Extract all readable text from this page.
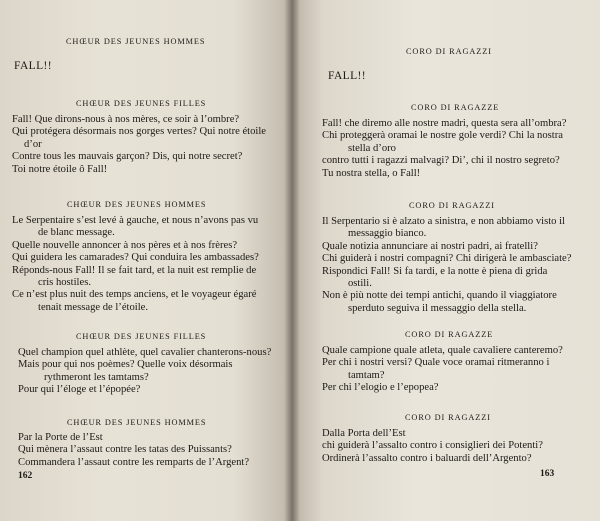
CHŒUR DES JEUNES HOMMES
FALL!!
CHŒUR DES JEUNES FILLES
Fall! Que dirons-nous à nos mères, ce soir à l’ombre?
Qui protégera désormais nos gorges vertes? Qui notre étoile
d’or
Contre tous les mauvais garçon? Dis, qui notre secret?
Toi notre étoile ô Fall!
CHŒUR DES JEUNES HOMMES
Le Serpentaire s’est levé à gauche, et nous n’avons pas vu
de blanc message.
Quelle nouvelle annoncer à nos pères et à nos frères?
Qui guidera les camarades? Qui conduira les ambassades?
Réponds-nous Fall! Il se fait tard, et la nuit est remplie de
cris hostiles.
Ce n’est plus nuit des temps anciens, et le voyageur égaré
tenait message de l’étoile.
CHŒUR DES JEUNES FILLES
Quel champion quel athlète, quel cavalier chanterons-nous?
Mais pour qui nos poèmes? Quelle voix désormais
rythmeront les tamtams?
Pour qui l’éloge et l’épopée?
CHŒUR DES JEUNES HOMMES
Par la Porte de l’Est
Qui mènera l’assaut contre les tatas des Puissants?
Commandera l’assaut contre les remparts de l’Argent?
162
CORO DI RAGAZZI
FALL!!
CORO DI RAGAZZE
Fall! che diremo alle nostre madri, questa sera all’ombra?
Chi proteggerà oramai le nostre gole verdi? Chi la nostra
stella d’oro
contro tutti i ragazzi malvagi? Di’, chi il nostro segreto?
Tu nostra stella, o Fall!
CORO DI RAGAZZI
Il Serpentario si è alzato a sinistra, e non abbiamo visto il
messaggio bianco.
Quale notizia annunciare ai nostri padri, ai fratelli?
Chi guiderà i nostri compagni? Chi dirigerà le ambasciate?
Rispondici Fall! Si fa tardi, e la notte è piena di grida
ostili.
Non è più notte dei tempi antichi, quando il viaggiatore
sperduto seguiva il messaggio della stella.
CORO DI RAGAZZE
Quale campione quale atleta, quale cavaliere canteremo?
Per chi i nostri versi? Quale voce oramai ritmeranno i
tamtam?
Per chi l’elogio e l’epopea?
CORO DI RAGAZZI
Dalla Porta dell’Est
chi guiderà l’assalto contro i consiglieri dei Potenti?
Ordinerà l’assalto contro i baluardi dell’Argento?
163
